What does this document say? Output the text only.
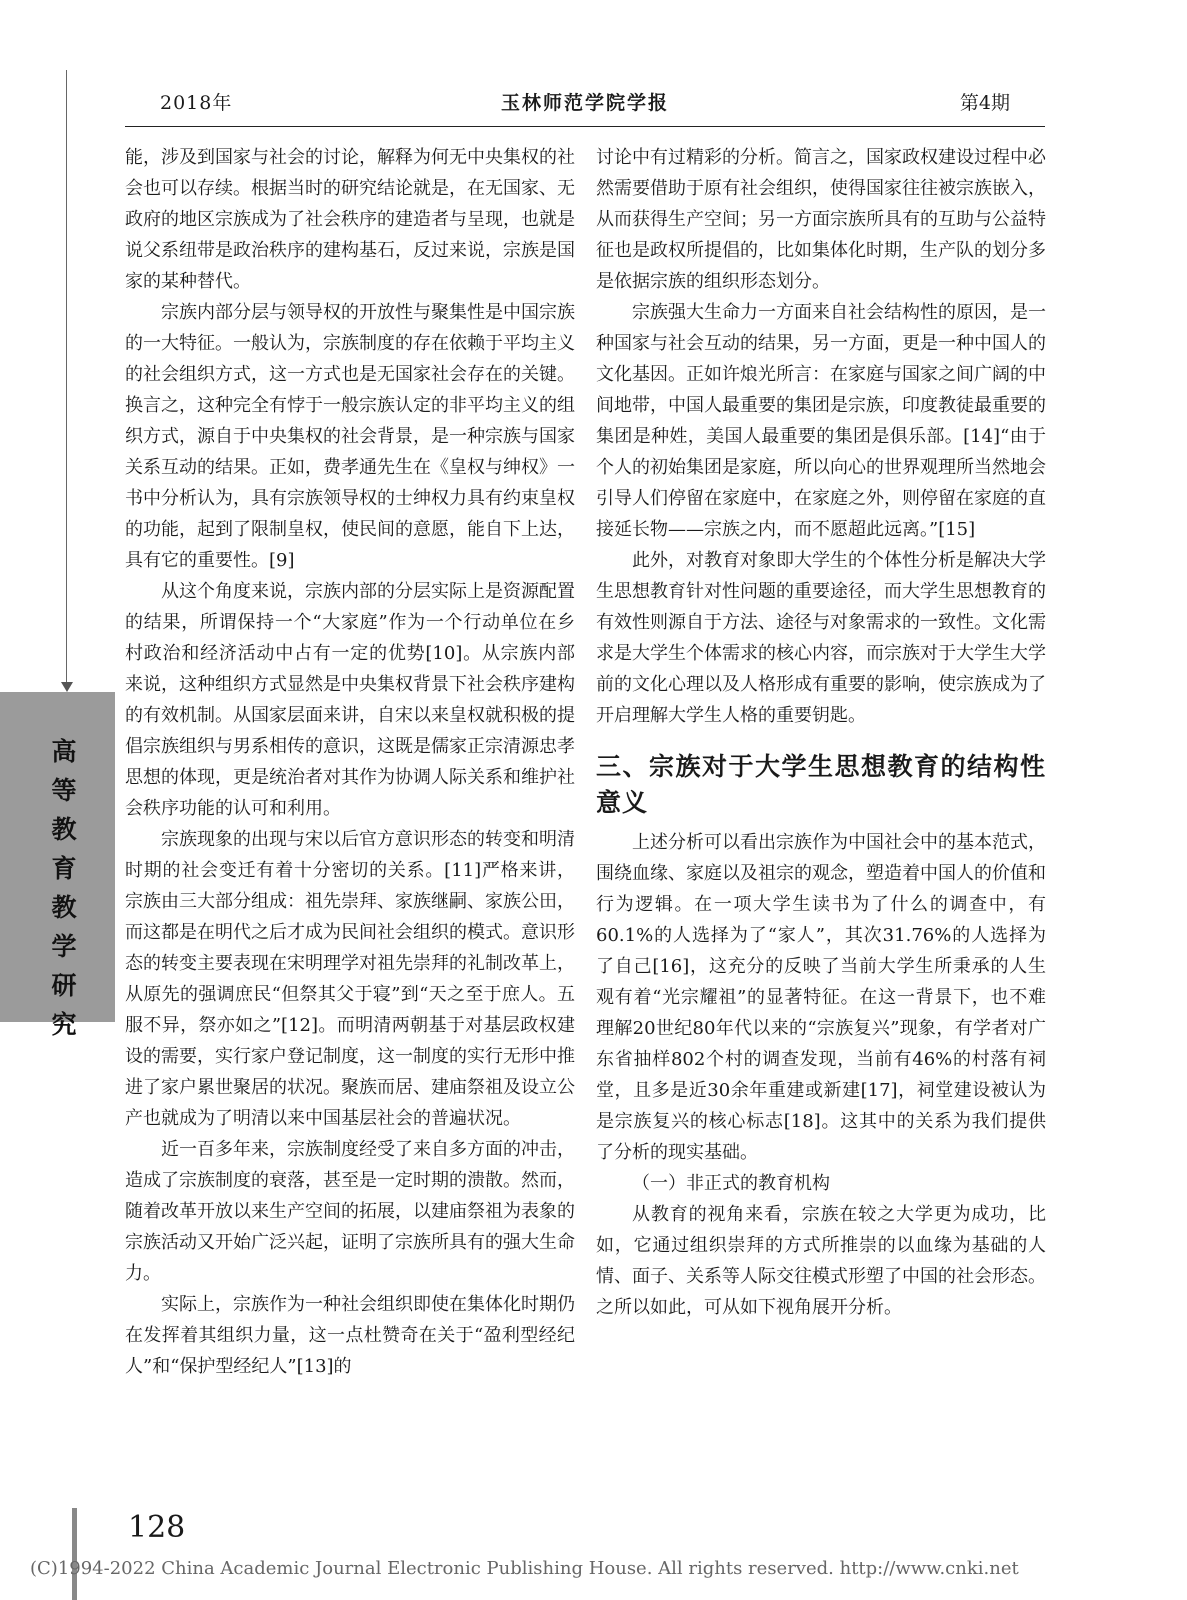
2018年	玉林师范学院学报	第4期
高等教育教学研究

能，涉及到国家与社会的讨论，解释为何无中央集权的社会也可以存续。根据当时的研究结论就是，在无国家、无政府的地区宗族成为了社会秩序的建造者与呈现，也就是说父系纽带是政治秩序的建构基石，反过来说，宗族是国家的某种替代。

宗族内部分层与领导权的开放性与聚集性是中国宗族的一大特征。一般认为，宗族制度的存在依赖于平均主义的社会组织方式，这一方式也是无国家社会存在的关键。换言之，这种完全有悖于一般宗族认定的非平均主义的组织方式，源自于中央集权的社会背景，是一种宗族与国家关系互动的结果。正如，费孝通先生在《皇权与绅权》一书中分析认为，具有宗族领导权的士绅权力具有约束皇权的功能，起到了限制皇权，使民间的意愿，能自下上达，具有它的重要性。[9]

从这个角度来说，宗族内部的分层实际上是资源配置的结果，所谓保持一个“大家庭”作为一个行动单位在乡村政治和经济活动中占有一定的优势[10]。从宗族内部来说，这种组织方式显然是中央集权背景下社会秩序建构的有效机制。从国家层面来讲，自宋以来皇权就积极的提倡宗族组织与男系相传的意识，这既是儒家正宗清源忠孝思想的体现，更是统治者对其作为协调人际关系和维护社会秩序功能的认可和利用。

宗族现象的出现与宋以后官方意识形态的转变和明清时期的社会变迁有着十分密切的关系。[11]严格来讲，宗族由三大部分组成：祖先崇拜、家族继嗣、家族公田，而这都是在明代之后才成为民间社会组织的模式。意识形态的转变主要表现在宋明理学对祖先崇拜的礼制改革上，从原先的强调庶民“但祭其父于寝”到“天之至于庶人。五服不异，祭亦如之”[12]。而明清两朝基于对基层政权建设的需要，实行家户登记制度，这一制度的实行无形中推进了家户累世聚居的状况。聚族而居、建庙祭祖及设立公产也就成为了明清以来中国基层社会的普遍状况。

近一百多年来，宗族制度经受了来自多方面的冲击，造成了宗族制度的衰落，甚至是一定时期的溃散。然而，随着改革开放以来生产空间的拓展，以建庙祭祖为表象的宗族活动又开始广泛兴起，证明了宗族所具有的强大生命力。

实际上，宗族作为一种社会组织即使在集体化时期仍在发挥着其组织力量，这一点杜赞奇在关于“盈利型经纪人”和“保护型经纪人”[13]的

讨论中有过精彩的分析。简言之，国家政权建设过程中必然需要借助于原有社会组织，使得国家往往被宗族嵌入，从而获得生产空间；另一方面宗族所具有的互助与公益特征也是政权所提倡的，比如集体化时期，生产队的划分多是依据宗族的组织形态划分。

宗族强大生命力一方面来自社会结构性的原因，是一种国家与社会互动的结果，另一方面，更是一种中国人的文化基因。正如许烺光所言：在家庭与国家之间广阔的中间地带，中国人最重要的集团是宗族，印度教徒最重要的集团是种姓，美国人最重要的集团是俱乐部。[14]“由于个人的初始集团是家庭，所以向心的世界观理所当然地会引导人们停留在家庭中，在家庭之外，则停留在家庭的直接延长物——宗族之内，而不愿超此远离。”[15]

此外，对教育对象即大学生的个体性分析是解决大学生思想教育针对性问题的重要途径，而大学生思想教育的有效性则源自于方法、途径与对象需求的一致性。文化需求是大学生个体需求的核心内容，而宗族对于大学生大学前的文化心理以及人格形成有重要的影响，使宗族成为了开启理解大学生人格的重要钥匙。

三、宗族对于大学生思想教育的结构性意义

上述分析可以看出宗族作为中国社会中的基本范式，围绕血缘、家庭以及祖宗的观念，塑造着中国人的价值和行为逻辑。在一项大学生读书为了什么的调查中，有60.1%的人选择为了“家人”，其次31.76%的人选择为了自己[16]，这充分的反映了当前大学生所秉承的人生观有着“光宗耀祖”的显著特征。在这一背景下，也不难理解20世纪80年代以来的“宗族复兴”现象，有学者对广东省抽样802个村的调查发现，当前有46%的村落有祠堂，且多是近30余年重建或新建[17]，祠堂建设被认为是宗族复兴的核心标志[18]。这其中的关系为我们提供了分析的现实基础。

（一）非正式的教育机构

从教育的视角来看，宗族在较之大学更为成功，比如，它通过组织崇拜的方式所推崇的以血缘为基础的人情、面子、关系等人际交往模式形塑了中国的社会形态。之所以如此，可从如下视角展开分析。

128
(C)1994-2022 China Academic Journal Electronic Publishing House. All rights reserved. http://www.cnki.net
